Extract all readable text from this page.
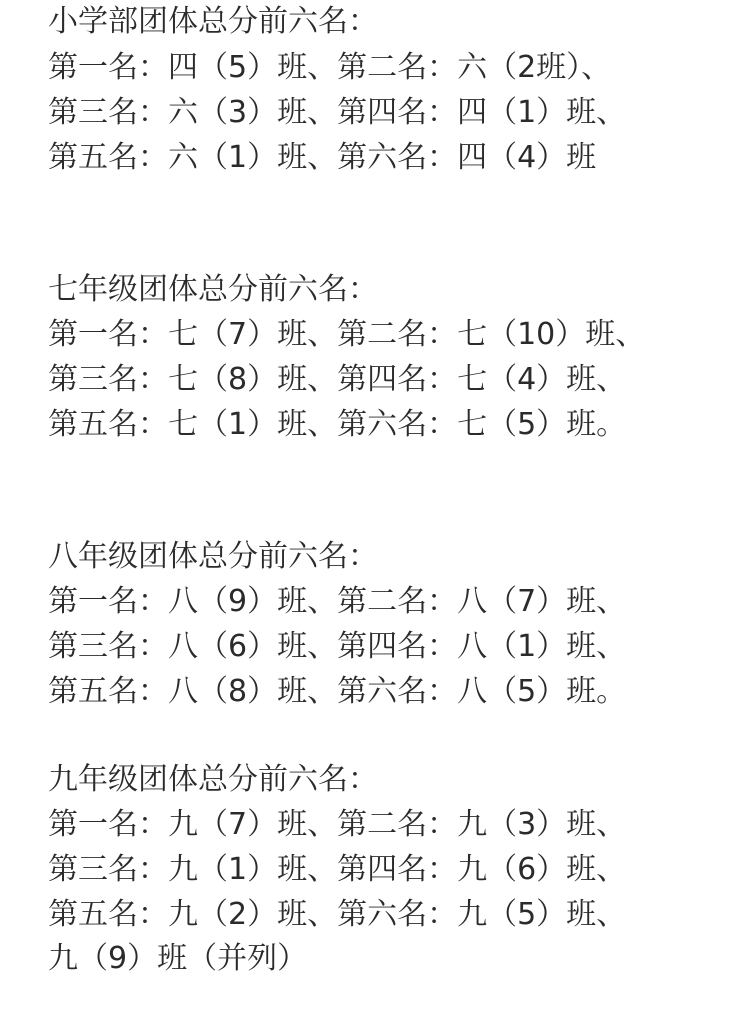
小学部团体总分前六名：
第一名：四（5）班、第二名：六（2班）、
第三名：六（3）班、第四名：四（1）班、
第五名：六（1）班、第六名：四（4）班
七年级团体总分前六名：
第一名：七（7）班、第二名：七（10）班、
第三名：七（8）班、第四名：七（4）班、
第五名：七（1）班、第六名：七（5）班。
八年级团体总分前六名：
第一名：八（9）班、第二名：八（7）班、
第三名：八（6）班、第四名：八（1）班、
第五名：八（8）班、第六名：八（5）班。
九年级团体总分前六名：
第一名：九（7）班、第二名：九（3）班、
第三名：九（1）班、第四名：九（6）班、
第五名：九（2）班、第六名：九（5）班、
九（9）班（并列）
